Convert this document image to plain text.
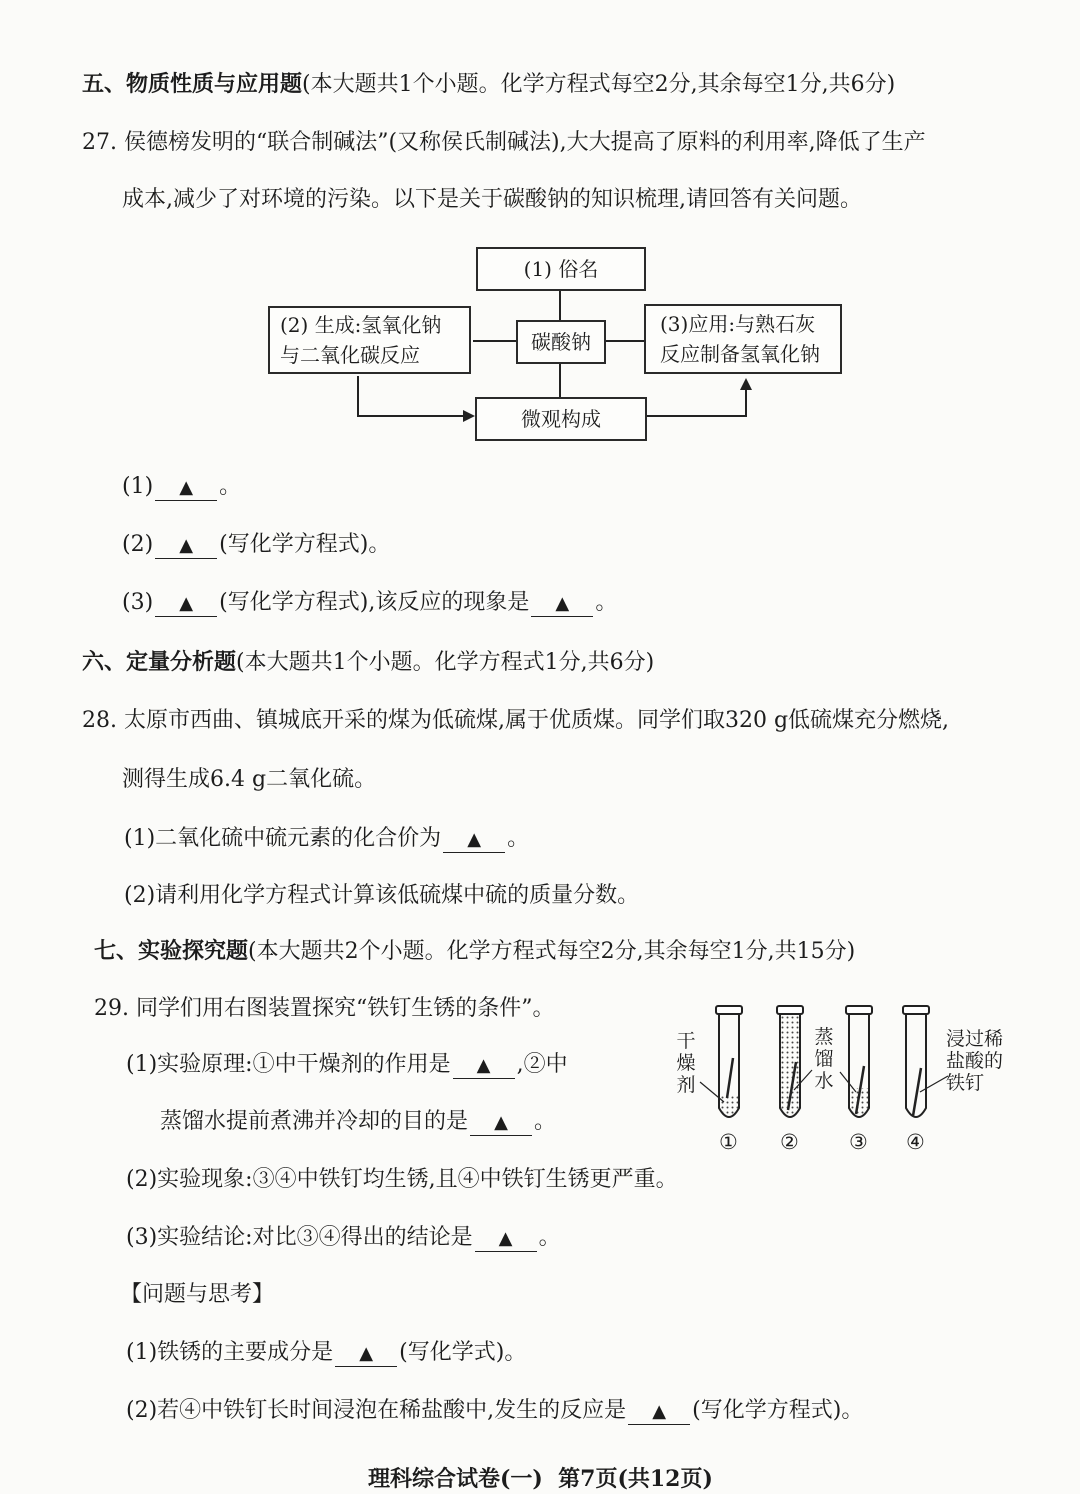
五、物质性质与应用题(本大题共1个小题。化学方程式每空2分,其余每空1分,共6分)
27. 侯德榜发明的“联合制碱法”(又称侯氏制碱法),大大提高了原料的利用率,降低了生产
成本,减少了对环境的污染。以下是关于碳酸钠的知识梳理,请回答有关问题。
(1) 俗名
(2) 生成:氢氧化钠
与二氧化碳反应
碳酸钠
(3)应用:与熟石灰
反应制备氢氧化钠
微观构成
(1) ▲ 。
(2) ▲ (写化学方程式)。
(3) ▲ (写化学方程式),该反应的现象是 ▲ 。
六、定量分析题(本大题共1个小题。化学方程式1分,共6分)
28. 太原市西曲、镇城底开采的煤为低硫煤,属于优质煤。同学们取320 g低硫煤充分燃烧,
测得生成6.4 g二氧化硫。
(1)二氧化硫中硫元素的化合价为 ▲ 。
(2)请利用化学方程式计算该低硫煤中硫的质量分数。
七、实验探究题(本大题共2个小题。化学方程式每空2分,其余每空1分,共15分)
29. 同学们用右图装置探究“铁钉生锈的条件”。
(1)实验原理:①中干燥剂的作用是 ▲ ,②中
蒸馏水提前煮沸并冷却的目的是 ▲ 。
(2)实验现象:③④中铁钉均生锈,且④中铁钉生锈更严重。
(3)实验结论:对比③④得出的结论是 ▲ 。
【问题与思考】
(1)铁锈的主要成分是 ▲ (写化学式)。
(2)若④中铁钉长时间浸泡在稀盐酸中,发生的反应是 ▲ (写化学方程式)。
干
燥
剂
蒸
馏
水
浸过稀
盐酸的
铁钉
① ② ③ ④
理科综合试卷(一) 第7页(共12页)
